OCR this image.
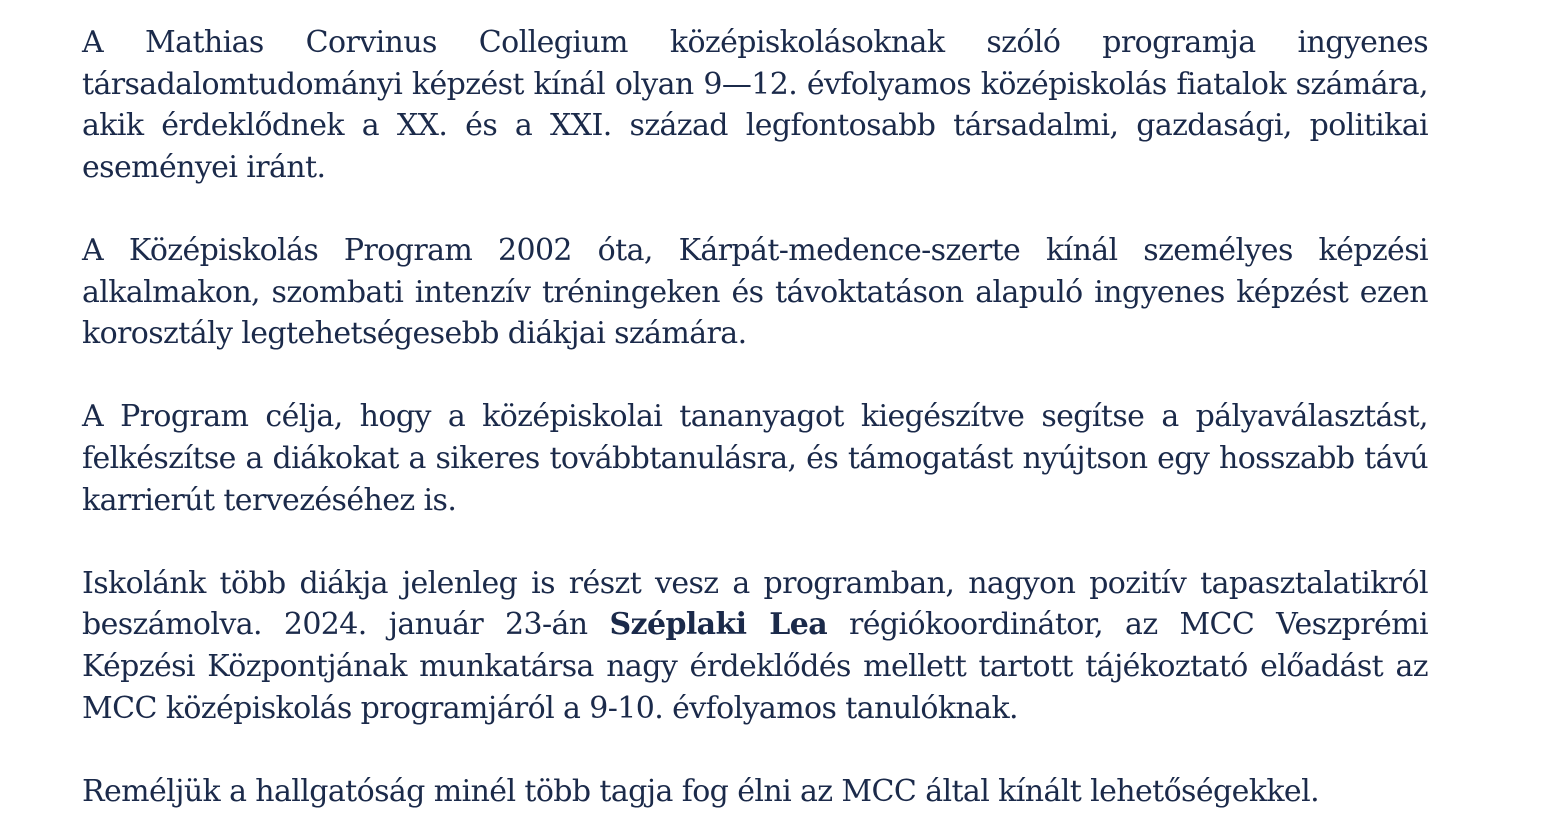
A Mathias Corvinus Collegium középiskolásoknak szóló programja ingyenes társadalomtudományi képzést kínál olyan 9—12. évfolyamos középiskolás fiatalok számára, akik érdeklődnek a XX. és a XXI. század legfontosabb társadalmi, gazdasági, politikai eseményei iránt.

A Középiskolás Program 2002 óta, Kárpát-medence-szerte kínál személyes képzési alkalmakon, szombati intenzív tréningeken és távoktatáson alapuló ingyenes képzést ezen korosztály legtehetségesebb diákjai számára.

A Program célja, hogy a középiskolai tananyagot kiegészítve segítse a pályaválasztást, felkészítse a diákokat a sikeres továbbtanulásra, és támogatást nyújtson egy hosszabb távú karrierút tervezéséhez is.

Iskolánk több diákja jelenleg is részt vesz a programban, nagyon pozitív tapasztalatikról beszámolva. 2024. január 23-án Széplaki Lea régiókoordinátor, az MCC Veszprémi Képzési Központjának munkatársa nagy érdeklődés mellett tartott tájékoztató előadást az MCC középiskolás programjáról a 9-10. évfolyamos tanulóknak.

Reméljük a hallgatóság minél több tagja fog élni az MCC által kínált lehetőségekkel.
